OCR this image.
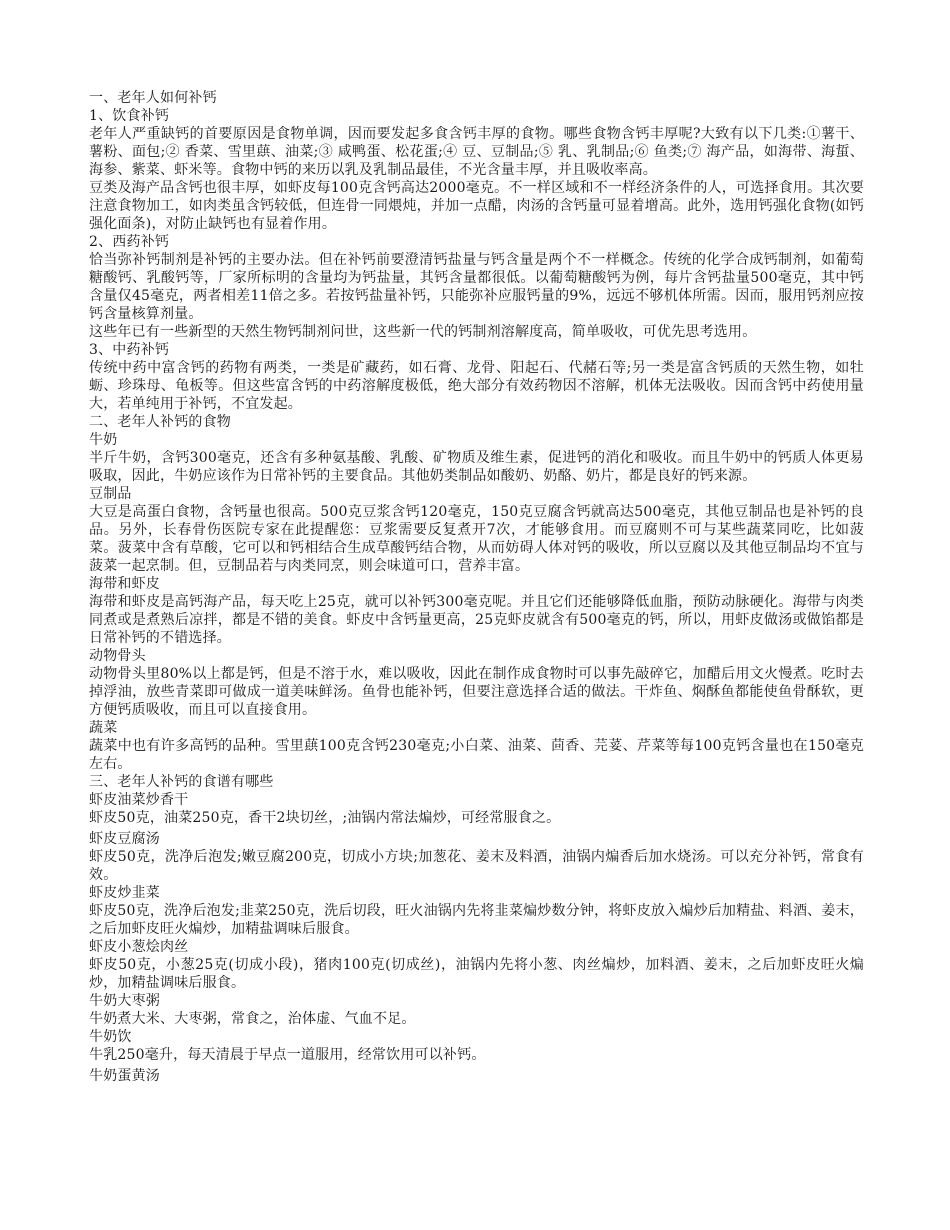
一、老年人如何补钙

1、饮食补钙

老年人严重缺钙的首要原因是食物单调，因而要发起多食含钙丰厚的食物。哪些食物含钙丰厚呢?大致有以下几类:①薯干、薯粉、面包;② 香菜、雪里蕻、油菜;③ 咸鸭蛋、松花蛋;④ 豆、豆制品;⑤ 乳、乳制品;⑥ 鱼类;⑦ 海产品，如海带、海蜇、海参、紫菜、虾米等。食物中钙的来历以乳及乳制品最佳，不光含量丰厚，并且吸收率高。

豆类及海产品含钙也很丰厚，如虾皮每100克含钙高达2000毫克。不一样区域和不一样经济条件的人，可选择食用。其次要注意食物加工，如肉类虽含钙较低，但连骨一同煨炖，并加一点醋，肉汤的含钙量可显着增高。此外，选用钙强化食物(如钙强化面条)，对防止缺钙也有显着作用。

2、西药补钙

恰当弥补钙制剂是补钙的主要办法。但在补钙前要澄清钙盐量与钙含量是两个不一样概念。传统的化学合成钙制剂，如葡萄糖酸钙、乳酸钙等，厂家所标明的含量均为钙盐量，其钙含量都很低。以葡萄糖酸钙为例，每片含钙盐量500毫克，其中钙含量仅45毫克，两者相差11倍之多。若按钙盐量补钙，只能弥补应服钙量的9%，远远不够机体所需。因而，服用钙剂应按钙含量核算剂量。

这些年已有一些新型的天然生物钙制剂问世，这些新一代的钙制剂溶解度高，简单吸收，可优先思考选用。

3、中药补钙

传统中药中富含钙的药物有两类，一类是矿藏药，如石膏、龙骨、阳起石、代赭石等;另一类是富含钙质的天然生物，如牡蛎、珍珠母、龟板等。但这些富含钙的中药溶解度极低，绝大部分有效药物因不溶解，机体无法吸收。因而含钙中药使用量大，若单纯用于补钙，不宜发起。

二、老年人补钙的食物

牛奶

半斤牛奶，含钙300毫克，还含有多种氨基酸、乳酸、矿物质及维生素，促进钙的消化和吸收。而且牛奶中的钙质人体更易吸取，因此，牛奶应该作为日常补钙的主要食品。其他奶类制品如酸奶、奶酪、奶片，都是良好的钙来源。

豆制品

大豆是高蛋白食物，含钙量也很高。500克豆浆含钙120毫克，150克豆腐含钙就高达500毫克，其他豆制品也是补钙的良品。另外，长春骨伤医院专家在此提醒您：豆浆需要反复煮开7次，才能够食用。而豆腐则不可与某些蔬菜同吃，比如菠菜。菠菜中含有草酸，它可以和钙相结合生成草酸钙结合物，从而妨碍人体对钙的吸收，所以豆腐以及其他豆制品均不宜与菠菜一起烹制。但，豆制品若与肉类同烹，则会味道可口，营养丰富。

海带和虾皮

海带和虾皮是高钙海产品，每天吃上25克，就可以补钙300毫克呢。并且它们还能够降低血脂，预防动脉硬化。海带与肉类同煮或是煮熟后凉拌，都是不错的美食。虾皮中含钙量更高，25克虾皮就含有500毫克的钙，所以，用虾皮做汤或做馅都是日常补钙的不错选择。

动物骨头

动物骨头里80%以上都是钙，但是不溶于水，难以吸收，因此在制作成食物时可以事先敲碎它，加醋后用文火慢煮。吃时去掉浮油，放些青菜即可做成一道美味鲜汤。鱼骨也能补钙，但要注意选择合适的做法。干炸鱼、焖酥鱼都能使鱼骨酥软，更方便钙质吸收，而且可以直接食用。

蔬菜

蔬菜中也有许多高钙的品种。雪里蕻100克含钙230毫克;小白菜、油菜、茴香、芫荽、芹菜等每100克钙含量也在150毫克左右。

三、老年人补钙的食谱有哪些

虾皮油菜炒香干

虾皮50克，油菜250克，香干2块切丝，;油锅内常法煸炒，可经常服食之。

虾皮豆腐汤

虾皮50克，洗净后泡发;嫩豆腐200克，切成小方块;加葱花、姜末及料酒，油锅内煸香后加水烧汤。可以充分补钙，常食有效。

虾皮炒韭菜

虾皮50克，洗净后泡发;韭菜250克，洗后切段，旺火油锅内先将韭菜煸炒数分钟，将虾皮放入煸炒后加精盐、料酒、姜末，之后加虾皮旺火煸炒，加精盐调味后服食。

虾皮小葱烩肉丝

虾皮50克，小葱25克(切成小段)，猪肉100克(切成丝)，油锅内先将小葱、肉丝煸炒，加料酒、姜末，之后加虾皮旺火煸炒，加精盐调味后服食。

牛奶大枣粥

牛奶煮大米、大枣粥，常食之，治体虚、气血不足。

牛奶饮

牛乳250毫升，每天清晨于早点一道服用，经常饮用可以补钙。

牛奶蛋黄汤
